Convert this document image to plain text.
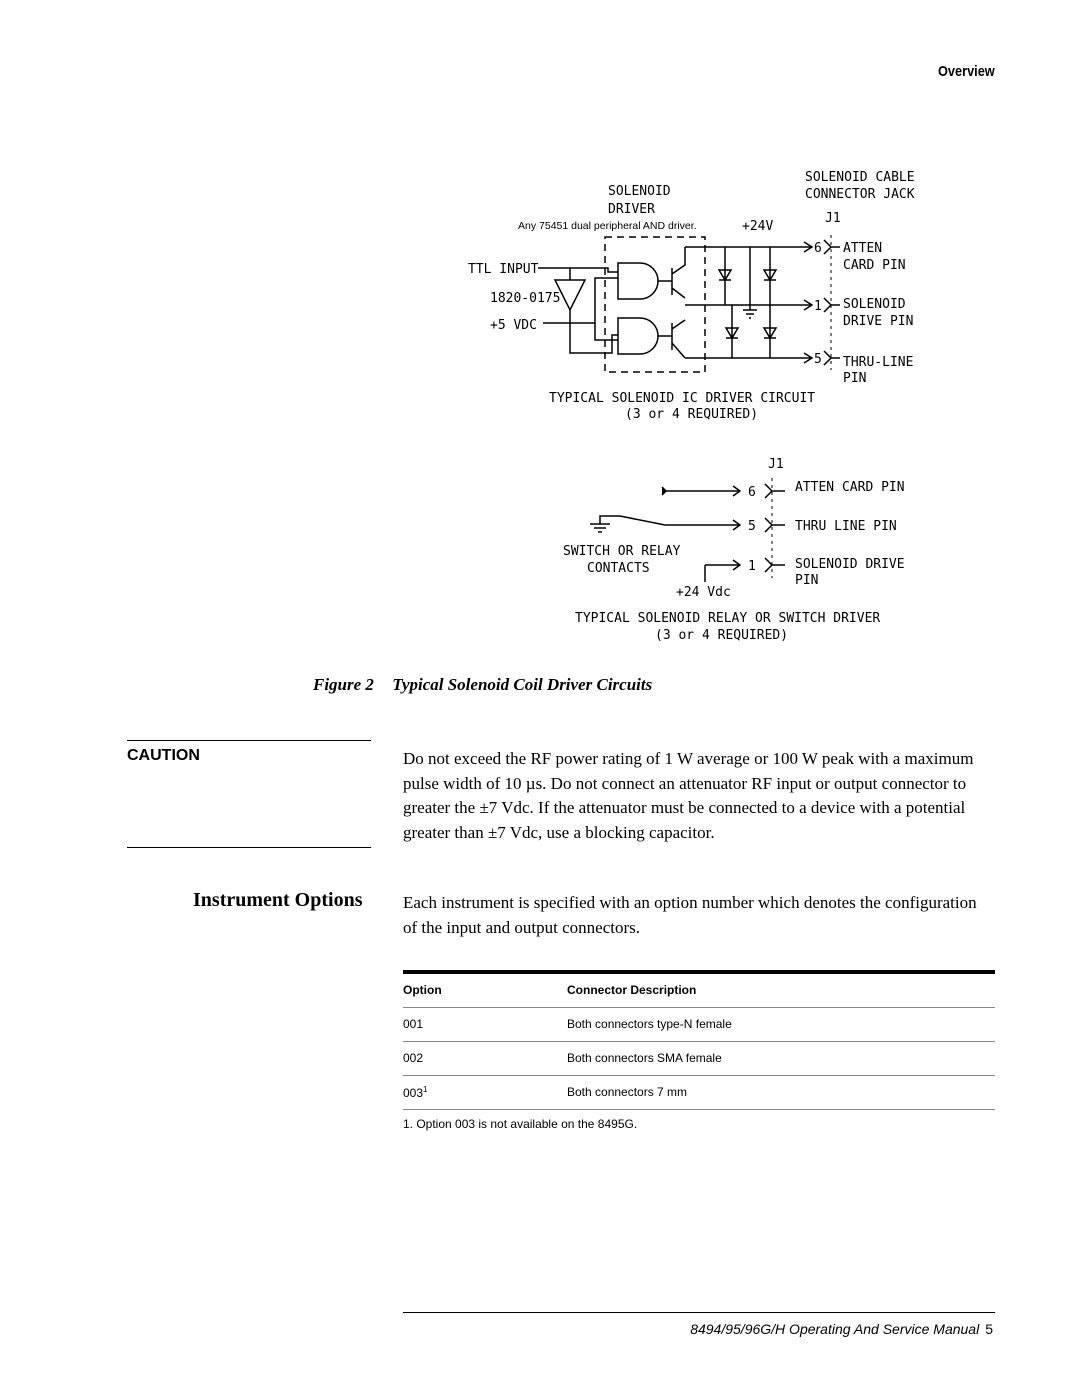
Overview
SOLENOID
DRIVER
Any 75451 dual peripheral AND driver.	+24V
SOLENOID CABLE
CONNECTOR JACK
J1
TTL INPUT
1820-0175
+5 VDC
6
1
5
ATTEN
CARD PIN
SOLENOID
DRIVE PIN
THRU-LINE
PIN
TYPICAL SOLENOID IC DRIVER CIRCUIT
(3 or 4 REQUIRED)
J1
6
5
1
ATTEN CARD PIN
THRU LINE PIN
SWITCH OR RELAY
CONTACTS	SOLENOID DRIVE
PIN
+24 Vdc
TYPICAL SOLENOID RELAY OR SWITCH DRIVER
(3 or 4 REQUIRED)
Figure 2 Typical Solenoid Coil Driver Circuits
CAUTION	Do not exceed the RF power rating of 1 W average or 100 W peak with a maximum pulse width of 10 µs. Do not connect an attenuator RF input or output connector to greater the ±7 Vdc. If the attenuator must be connected to a device with a potential greater than ±7 Vdc, use a blocking capacitor.
Instrument Options Each instrument is specified with an option number which denotes the configuration of the input and output connectors.
Option	Connector Description
001	Both connectors type-N female
002	Both connectors SMA female
$003^1$	Both connectors 7 mm
1. Option 003 is not available on the 8495G.
8494/95/96G/H Operating And Service Manual 5
